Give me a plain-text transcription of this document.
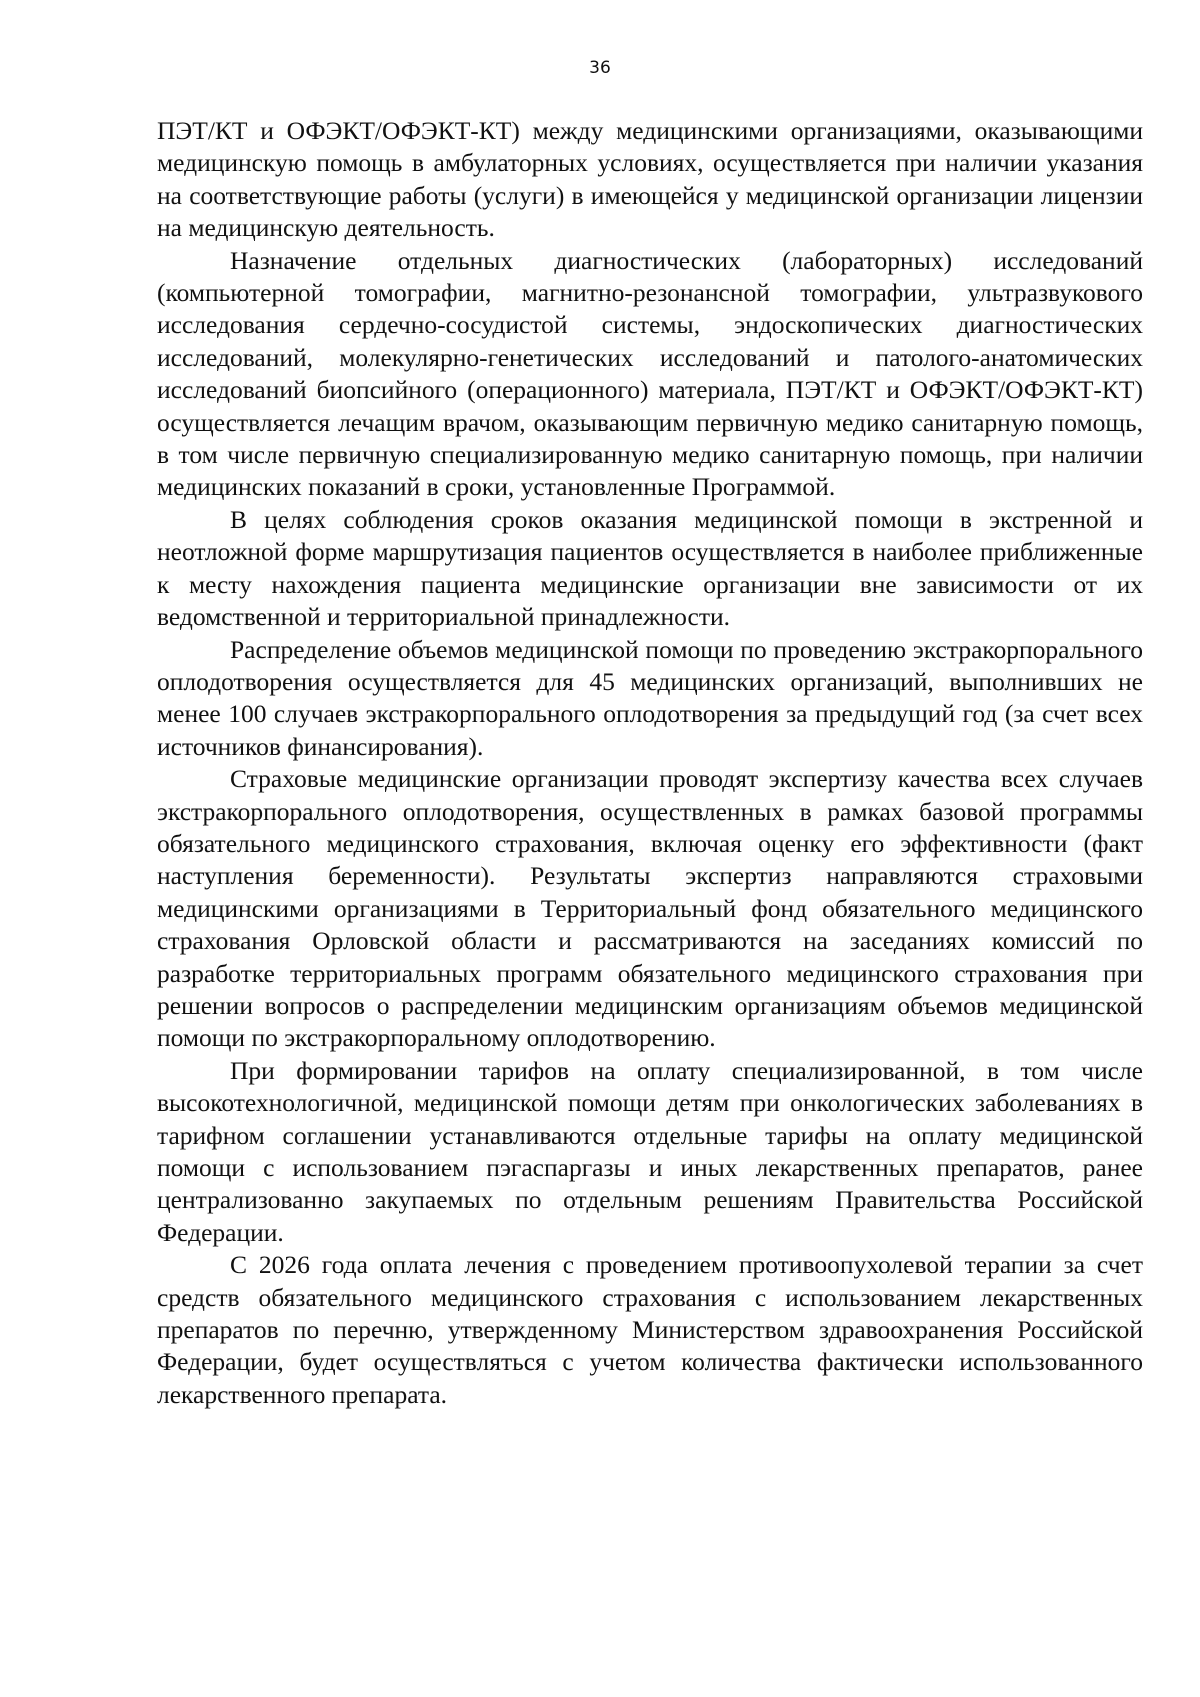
36

ПЭТ/КТ и ОФЭКТ/ОФЭКТ-КТ) между медицинскими организациями, оказывающими медицинскую помощь в амбулаторных условиях, осуществляется при наличии указания на соответствующие работы (услуги) в имеющейся у медицинской организации лицензии на медицинскую деятельность.

Назначение отдельных диагностических (лабораторных) исследований (компьютерной томографии, магнитно-резонансной томографии, ультразвукового исследования сердечно-сосудистой системы, эндоскопических диагностических исследований, молекулярно-генетических исследований и патолого-анатомических исследований биопсийного (операционного) материала, ПЭТ/КТ и ОФЭКТ/ОФЭКТ-КТ) осуществляется лечащим врачом, оказывающим первичную медико санитарную помощь, в том числе первичную специализированную медико санитарную помощь, при наличии медицинских показаний в сроки, установленные Программой.

В целях соблюдения сроков оказания медицинской помощи в экстренной и неотложной форме маршрутизация пациентов осуществляется в наиболее приближенные к месту нахождения пациента медицинские организации вне зависимости от их ведомственной и территориальной принадлежности.

Распределение объемов медицинской помощи по проведению экстракорпорального оплодотворения осуществляется для 45 медицинских организаций, выполнивших не менее 100 случаев экстракорпорального оплодотворения за предыдущий год (за счет всех источников финансирования).

Страховые медицинские организации проводят экспертизу качества всех случаев экстракорпорального оплодотворения, осуществленных в рамках базовой программы обязательного медицинского страхования, включая оценку его эффективности (факт наступления беременности). Результаты экспертиз направляются страховыми медицинскими организациями в Территориальный фонд обязательного медицинского страхования Орловской области и рассматриваются на заседаниях комиссий по разработке территориальных программ обязательного медицинского страхования при решении вопросов о распределении медицинским организациям объемов медицинской помощи по экстракорпоральному оплодотворению.

При формировании тарифов на оплату специализированной, в том числе высокотехнологичной, медицинской помощи детям при онкологических заболеваниях в тарифном соглашении устанавливаются отдельные тарифы на оплату медицинской помощи с использованием пэгаспаргазы и иных лекарственных препаратов, ранее централизованно закупаемых по отдельным решениям Правительства Российской Федерации.

С 2026 года оплата лечения с проведением противоопухолевой терапии за счет средств обязательного медицинского страхования с использованием лекарственных препаратов по перечню, утвержденному Министерством здравоохранения Российской Федерации, будет осуществляться с учетом количества фактически использованного лекарственного препарата.
